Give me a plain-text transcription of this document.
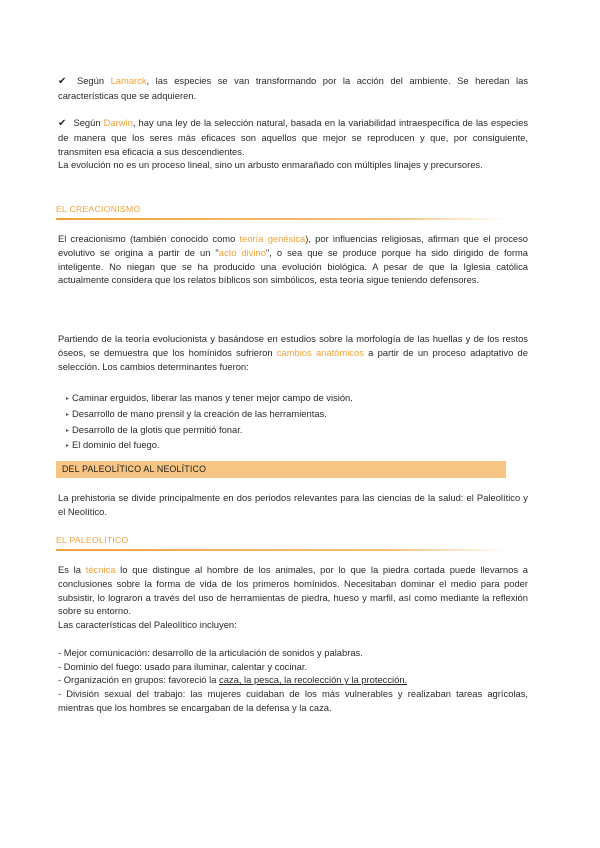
✔ Según Lamarck, las especies se van transformando por la acción del ambiente. Se heredan las características que se adquieren.

✔ Según Darwin, hay una ley de la selección natural, basada en la variabilidad intraespecífica de las especies de manera que los seres más eficaces son aquellos que mejor se reproducen y que, por consiguiente, transmiten esa eficacia a sus descendientes.

La evolución no es un proceso lineal, sino un arbusto enmarañado con múltiples linajes y precursores.

EL CREACIONISMO

El creacionismo (también conocido como teoría genésica), por influencias religiosas, afirman que el proceso evolutivo se origina a partir de un "acto divino", o sea que se produce porque ha sido dirigido de forma inteligente. No niegan que se ha producido una evolución biológica. A pesar de que la Iglesia católica actualmente considera que los relatos bíblicos son simbólicos, esta teoría sigue teniendo defensores.

Partiendo de la teoría evolucionista y basándose en estudios sobre la morfología de las huellas y de los restos óseos, se demuestra que los homínidos sufrieron cambios anatómicos a partir de un proceso adaptativo de selección. Los cambios determinantes fueron:

▸ Caminar erguidos, liberar las manos y tener mejor campo de visión.
▸ Desarrollo de mano prensil y la creación de las herramientas.
▸ Desarrollo de la glotis que permitió fonar.
▸ El dominio del fuego.
DEL PALEOLÍTICO AL NEOLÍTICO

La prehistoria se divide principalmente en dos periodos relevantes para las ciencias de la salud: el Paleolítico y el Neolítico.

EL PALEOLÍTICO

Es la técnica lo que distingue al hombre de los animales, por lo que la piedra cortada puede llevarnos a conclusiones sobre la forma de vida de los primeros homínidos. Necesitaban dominar el medio para poder subsistir, lo lograron a través del uso de herramientas de piedra, hueso y marfil, así como mediante la reflexión sobre su entorno.

Las características del Paleolítico incluyen:

- Mejor comunicación: desarrollo de la articulación de sonidos y palabras.

- Dominio del fuego: usado para iluminar, calentar y cocinar.

- Organización en grupos: favoreció la caza, la pesca, la recolección y la protección.

- División sexual del trabajo: las mujeres cuidaban de los más vulnerables y realizaban tareas agrícolas, mientras que los hombres se encargaban de la defensa y la caza.
